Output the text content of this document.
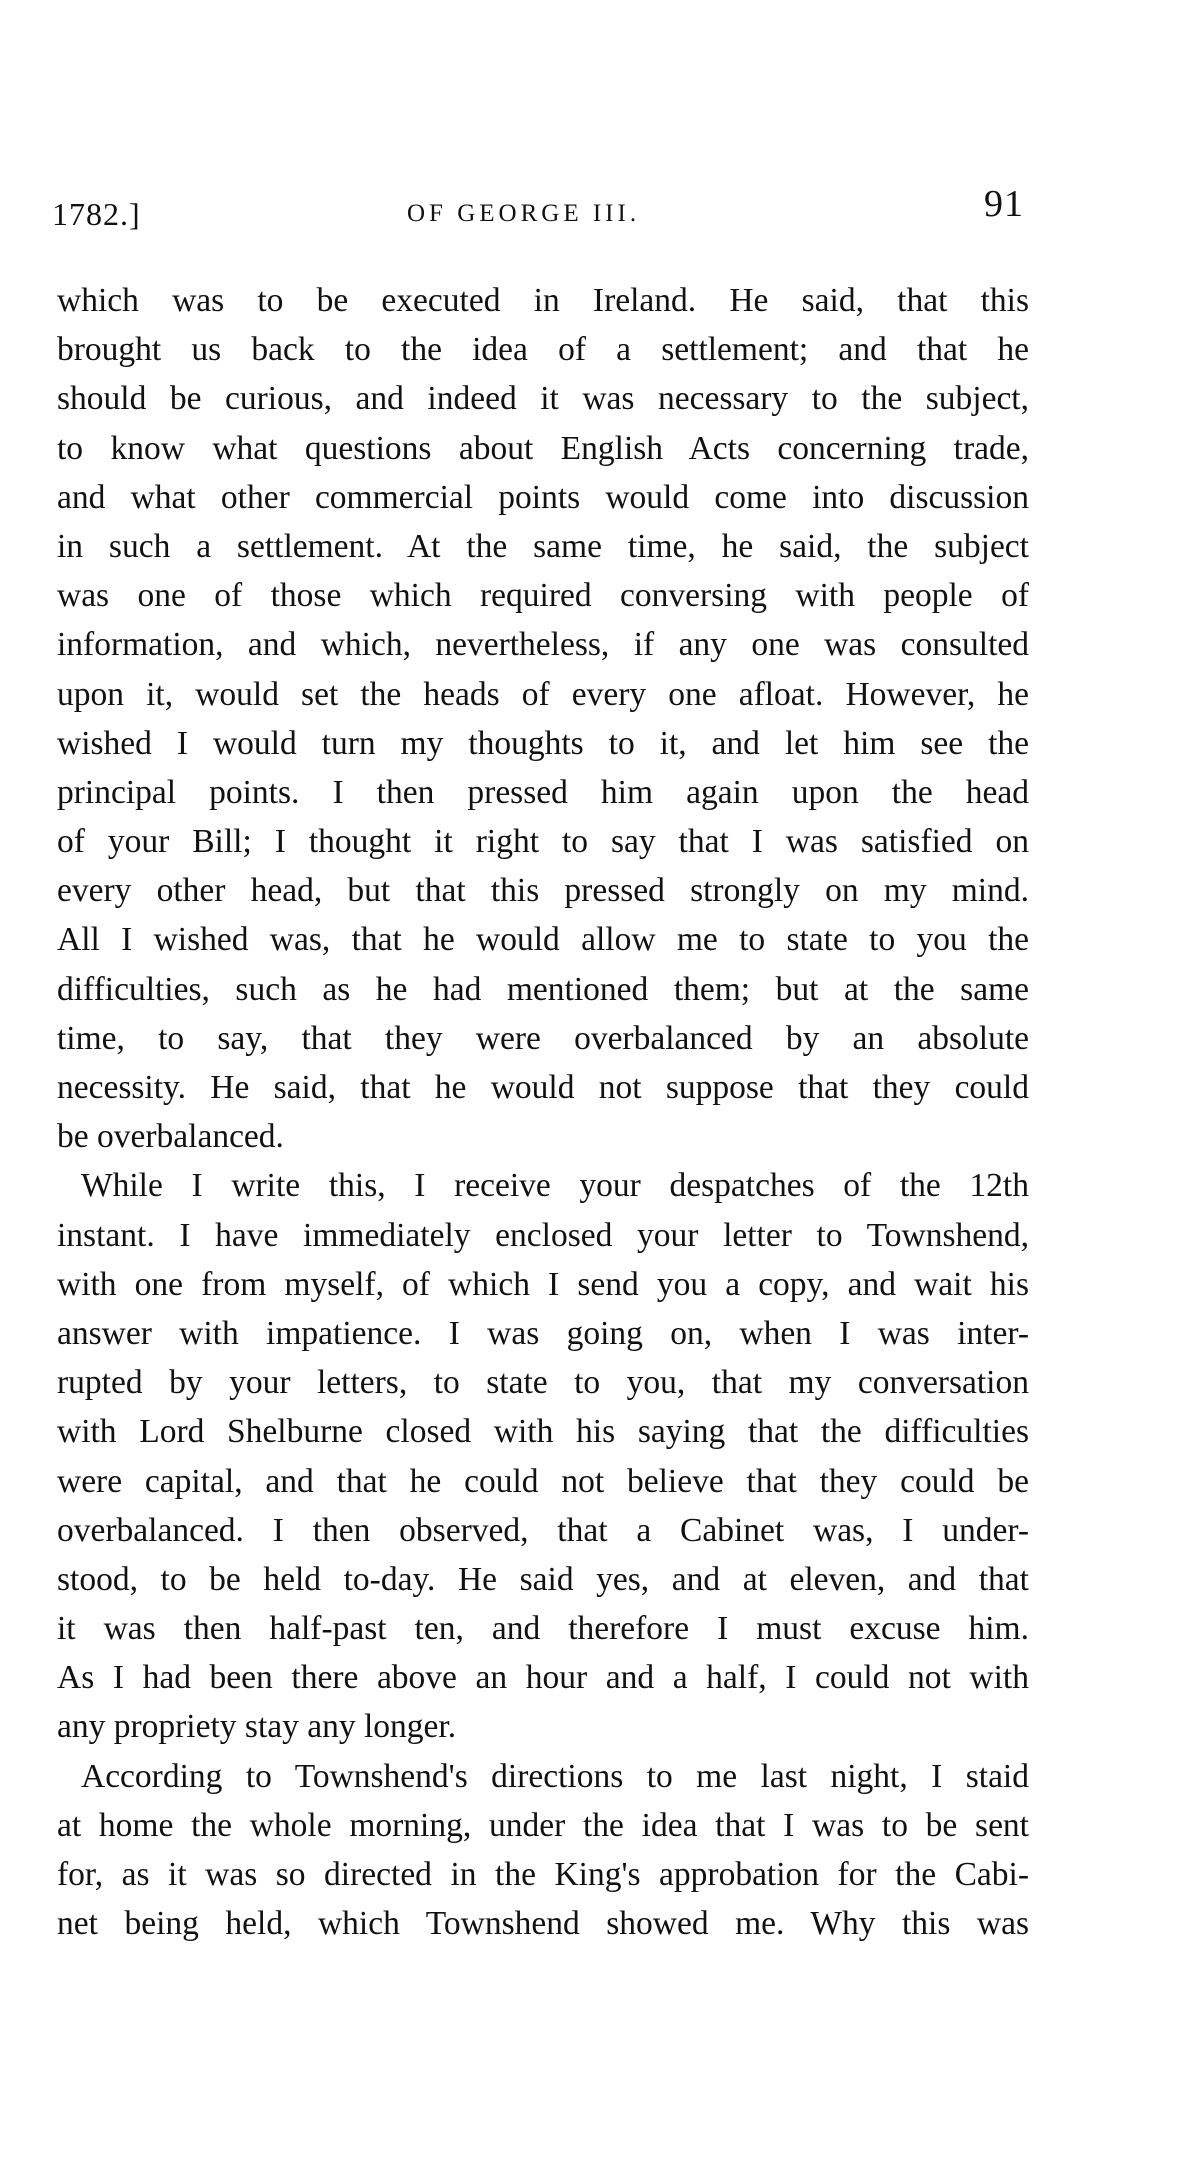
1782.]	OF GEORGE III.	91
which was to be executed in Ireland. He said, that this
brought us back to the idea of a settlement; and that he
should be curious, and indeed it was necessary to the subject,
to know what questions about English Acts concerning trade,
and what other commercial points would come into discussion
in such a settlement. At the same time, he said, the subject
was one of those which required conversing with people of
information, and which, nevertheless, if any one was consulted
upon it, would set the heads of every one afloat. However, he
wished I would turn my thoughts to it, and let him see the
principal points. I then pressed him again upon the head
of your Bill; I thought it right to say that I was satisfied on
every other head, but that this pressed strongly on my mind.
All I wished was, that he would allow me to state to you the
difficulties, such as he had mentioned them; but at the same
time, to say, that they were overbalanced by an absolute
necessity. He said, that he would not suppose that they could
be overbalanced.
While I write this, I receive your despatches of the 12th
instant. I have immediately enclosed your letter to Townshend,
with one from myself, of which I send you a copy, and wait his
answer with impatience. I was going on, when I was inter-
rupted by your letters, to state to you, that my conversation
with Lord Shelburne closed with his saying that the difficulties
were capital, and that he could not believe that they could be
overbalanced. I then observed, that a Cabinet was, I under-
stood, to be held to-day. He said yes, and at eleven, and that
it was then half-past ten, and therefore I must excuse him.
As I had been there above an hour and a half, I could not with
any propriety stay any longer.
According to Townshend's directions to me last night, I staid
at home the whole morning, under the idea that I was to be sent
for, as it was so directed in the King's approbation for the Cabi-
net being held, which Townshend showed me. Why this was
